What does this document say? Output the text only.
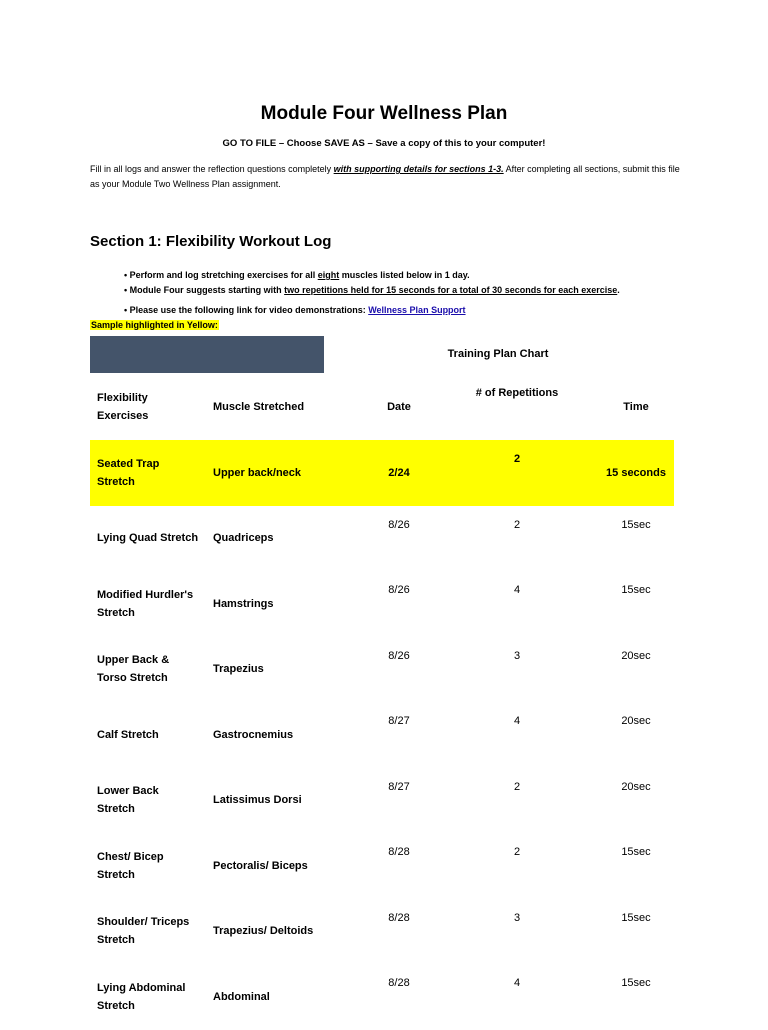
Module Four Wellness Plan
GO TO FILE – Choose SAVE AS – Save a copy of this to your computer!
Fill in all logs and answer the reflection questions completely with supporting details for sections 1-3. After completing all sections, submit this file as your Module Two Wellness Plan assignment.
Section 1: Flexibility Workout Log
• Perform and log stretching exercises for all eight muscles listed below in 1 day.
• Module Four suggests starting with two repetitions held for 15 seconds for a total of 30 seconds for each exercise.
• Please use the following link for video demonstrations: Wellness Plan Support
Sample highlighted in Yellow:
Training Plan Chart
Flexibility Exercises	Muscle Stretched	Date	# of Repetitions	Time
Seated Trap Stretch	Upper back/neck	2/24	2	15 seconds
Lying Quad Stretch	Quadriceps	8/26	2	15sec
Modified Hurdler's Stretch	Hamstrings	8/26	4	15sec
Upper Back & Torso Stretch	Trapezius	8/26	3	20sec
Calf Stretch	Gastrocnemius	8/27	4	20sec
Lower Back Stretch	Latissimus Dorsi	8/27	2	20sec
Chest/ Bicep Stretch	Pectoralis/ Biceps	8/28	2	15sec
Shoulder/ Triceps Stretch	Trapezius/ Deltoids	8/28	3	15sec
Lying Abdominal Stretch	Abdominal	8/28	4	15sec
